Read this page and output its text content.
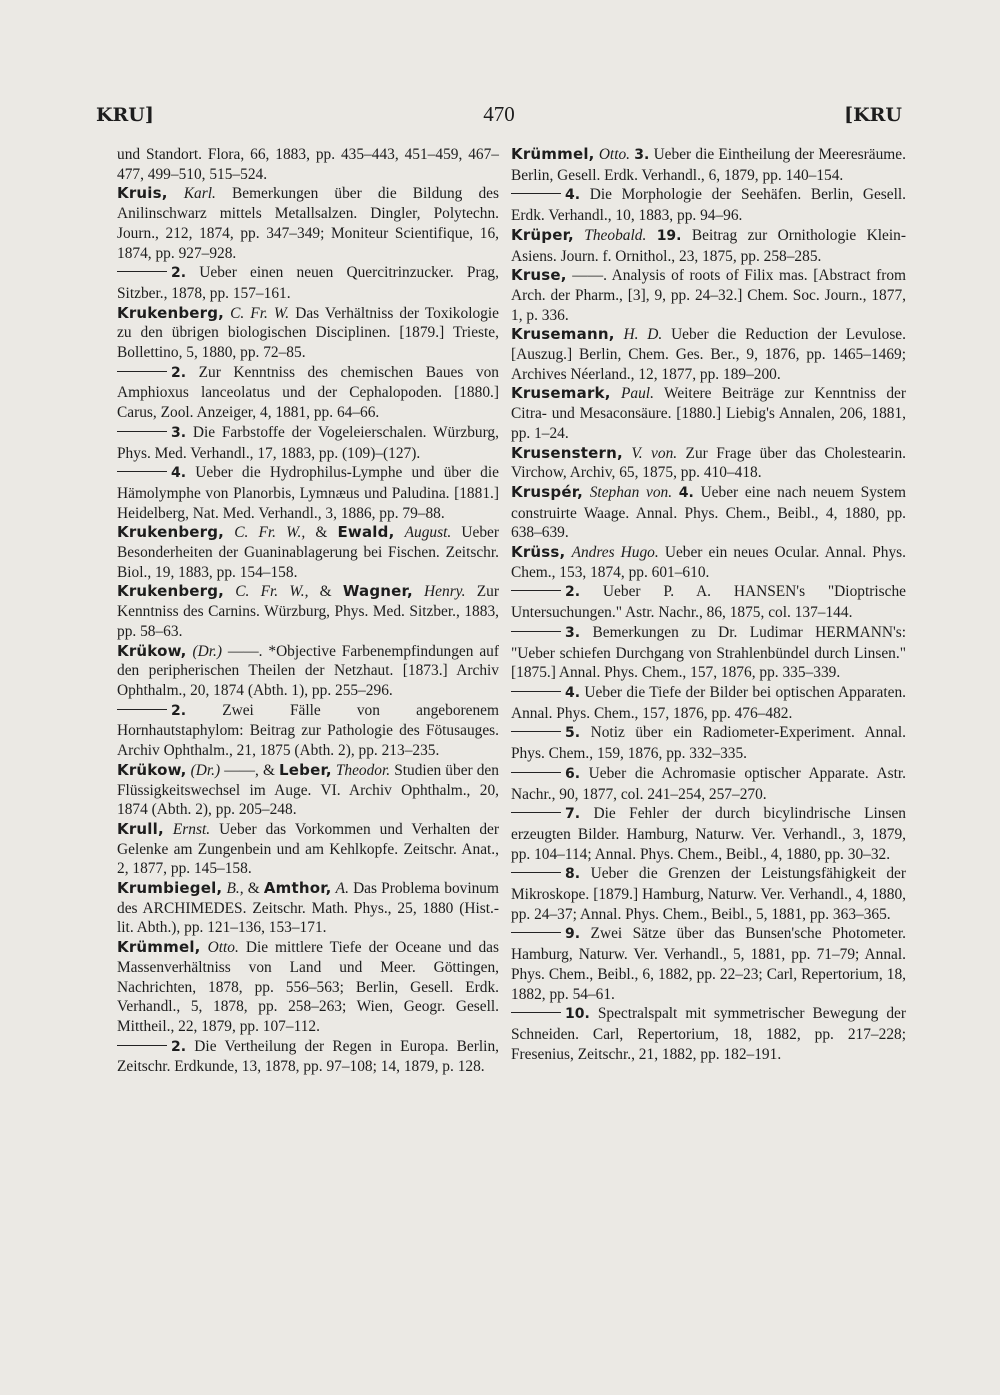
KRU]	470	[KRU

und Standort. Flora, 66, 1883, pp. 435–443, 451–459, 467–477, 499–510, 515–524.

Kruis, Karl. Bemerkungen über die Bildung des Anilinschwarz mittels Metallsalzen. Dingler, Polytechn. Journ., 212, 1874, pp. 347–349; Moniteur Scientifique, 16, 1874, pp. 927–928.

2. Ueber einen neuen Quercitrinzucker. Prag, Sitzber., 1878, pp. 157–161.

Krukenberg, C. Fr. W. Das Verhältniss der Toxikologie zu den übrigen biologischen Disciplinen. [1879.] Trieste, Bollettino, 5, 1880, pp. 72–85.

2. Zur Kenntniss des chemischen Baues von Amphioxus lanceolatus und der Cephalopoden. [1880.] Carus, Zool. Anzeiger, 4, 1881, pp. 64–66.

3. Die Farbstoffe der Vogeleierschalen. Würzburg, Phys. Med. Verhandl., 17, 1883, pp. (109)–(127).

4. Ueber die Hydrophilus-Lymphe und über die Hämolymphe von Planorbis, Lymnæus und Paludina. [1881.] Heidelberg, Nat. Med. Verhandl., 3, 1886, pp. 79–88.

Krukenberg, C. Fr. W., & Ewald, August. Ueber Besonderheiten der Guaninablagerung bei Fischen. Zeitschr. Biol., 19, 1883, pp. 154–158.

Krukenberg, C. Fr. W., & Wagner, Henry. Zur Kenntniss des Carnins. Würzburg, Phys. Med. Sitzber., 1883, pp. 58–63.

Krükow, (Dr.) ——. *Objective Farbenempfindungen auf den peripherischen Theilen der Netzhaut. [1873.] Archiv Ophthalm., 20, 1874 (Abth. 1), pp. 255–296.

2. Zwei Fälle von angeborenem Hornhautstaphylom: Beitrag zur Pathologie des Fötusauges. Archiv Ophthalm., 21, 1875 (Abth. 2), pp. 213–235.

Krükow, (Dr.) ——, & Leber, Theodor. Studien über den Flüssigkeitswechsel im Auge. VI. Archiv Ophthalm., 20, 1874 (Abth. 2), pp. 205–248.

Krull, Ernst. Ueber das Vorkommen und Verhalten der Gelenke am Zungenbein und am Kehlkopfe. Zeitschr. Anat., 2, 1877, pp. 145–158.

Krumbiegel, B., & Amthor, A. Das Problema bovinum des ARCHIMEDES. Zeitschr. Math. Phys., 25, 1880 (Hist.-lit. Abth.), pp. 121–136, 153–171.

Krümmel, Otto. Die mittlere Tiefe der Oceane und das Massenverhältniss von Land und Meer. Göttingen, Nachrichten, 1878, pp. 556–563; Berlin, Gesell. Erdk. Verhandl., 5, 1878, pp. 258–263; Wien, Geogr. Gesell. Mittheil., 22, 1879, pp. 107–112.

2. Die Vertheilung der Regen in Europa. Berlin, Zeitschr. Erdkunde, 13, 1878, pp. 97–108; 14, 1879, p. 128.

Krümmel, Otto. 3. Ueber die Eintheilung der Meeresräume. Berlin, Gesell. Erdk. Verhandl., 6, 1879, pp. 140–154.

4. Die Morphologie der Seehäfen. Berlin, Gesell. Erdk. Verhandl., 10, 1883, pp. 94–96.

Krüper, Theobald. 19. Beitrag zur Ornithologie Klein-Asiens. Journ. f. Ornithol., 23, 1875, pp. 258–285.

Kruse, ——. Analysis of roots of Filix mas. [Abstract from Arch. der Pharm., [3], 9, pp. 24–32.] Chem. Soc. Journ., 1877, 1, p. 336.

Krusemann, H. D. Ueber die Reduction der Levulose. [Auszug.] Berlin, Chem. Ges. Ber., 9, 1876, pp. 1465–1469; Archives Néerland., 12, 1877, pp. 189–200.

Krusemark, Paul. Weitere Beiträge zur Kenntniss der Citra- und Mesaconsäure. [1880.] Liebig's Annalen, 206, 1881, pp. 1–24.

Krusenstern, V. von. Zur Frage über das Cholestearin. Virchow, Archiv, 65, 1875, pp. 410–418.

Kruspér, Stephan von. 4. Ueber eine nach neuem System construirte Waage. Annal. Phys. Chem., Beibl., 4, 1880, pp. 638–639.

Krüss, Andres Hugo. Ueber ein neues Ocular. Annal. Phys. Chem., 153, 1874, pp. 601–610.

2. Ueber P. A. HANSEN's "Dioptrische Untersuchungen." Astr. Nachr., 86, 1875, col. 137–144.

3. Bemerkungen zu Dr. Ludimar HERMANN's: "Ueber schiefen Durchgang von Strahlenbündel durch Linsen." [1875.] Annal. Phys. Chem., 157, 1876, pp. 335–339.

4. Ueber die Tiefe der Bilder bei optischen Apparaten. Annal. Phys. Chem., 157, 1876, pp. 476–482.

5. Notiz über ein Radiometer-Experiment. Annal. Phys. Chem., 159, 1876, pp. 332–335.

6. Ueber die Achromasie optischer Apparate. Astr. Nachr., 90, 1877, col. 241–254, 257–270.

7. Die Fehler der durch bicylindrische Linsen erzeugten Bilder. Hamburg, Naturw. Ver. Verhandl., 3, 1879, pp. 104–114; Annal. Phys. Chem., Beibl., 4, 1880, pp. 30–32.

8. Ueber die Grenzen der Leistungsfähigkeit der Mikroskope. [1879.] Hamburg, Naturw. Ver. Verhandl., 4, 1880, pp. 24–37; Annal. Phys. Chem., Beibl., 5, 1881, pp. 363–365.

9. Zwei Sätze über das Bunsen'sche Photometer. Hamburg, Naturw. Ver. Verhandl., 5, 1881, pp. 71–79; Annal. Phys. Chem., Beibl., 6, 1882, pp. 22–23; Carl, Repertorium, 18, 1882, pp. 54–61.

10. Spectralspalt mit symmetrischer Bewegung der Schneiden. Carl, Repertorium, 18, 1882, pp. 217–228; Fresenius, Zeitschr., 21, 1882, pp. 182–191.
